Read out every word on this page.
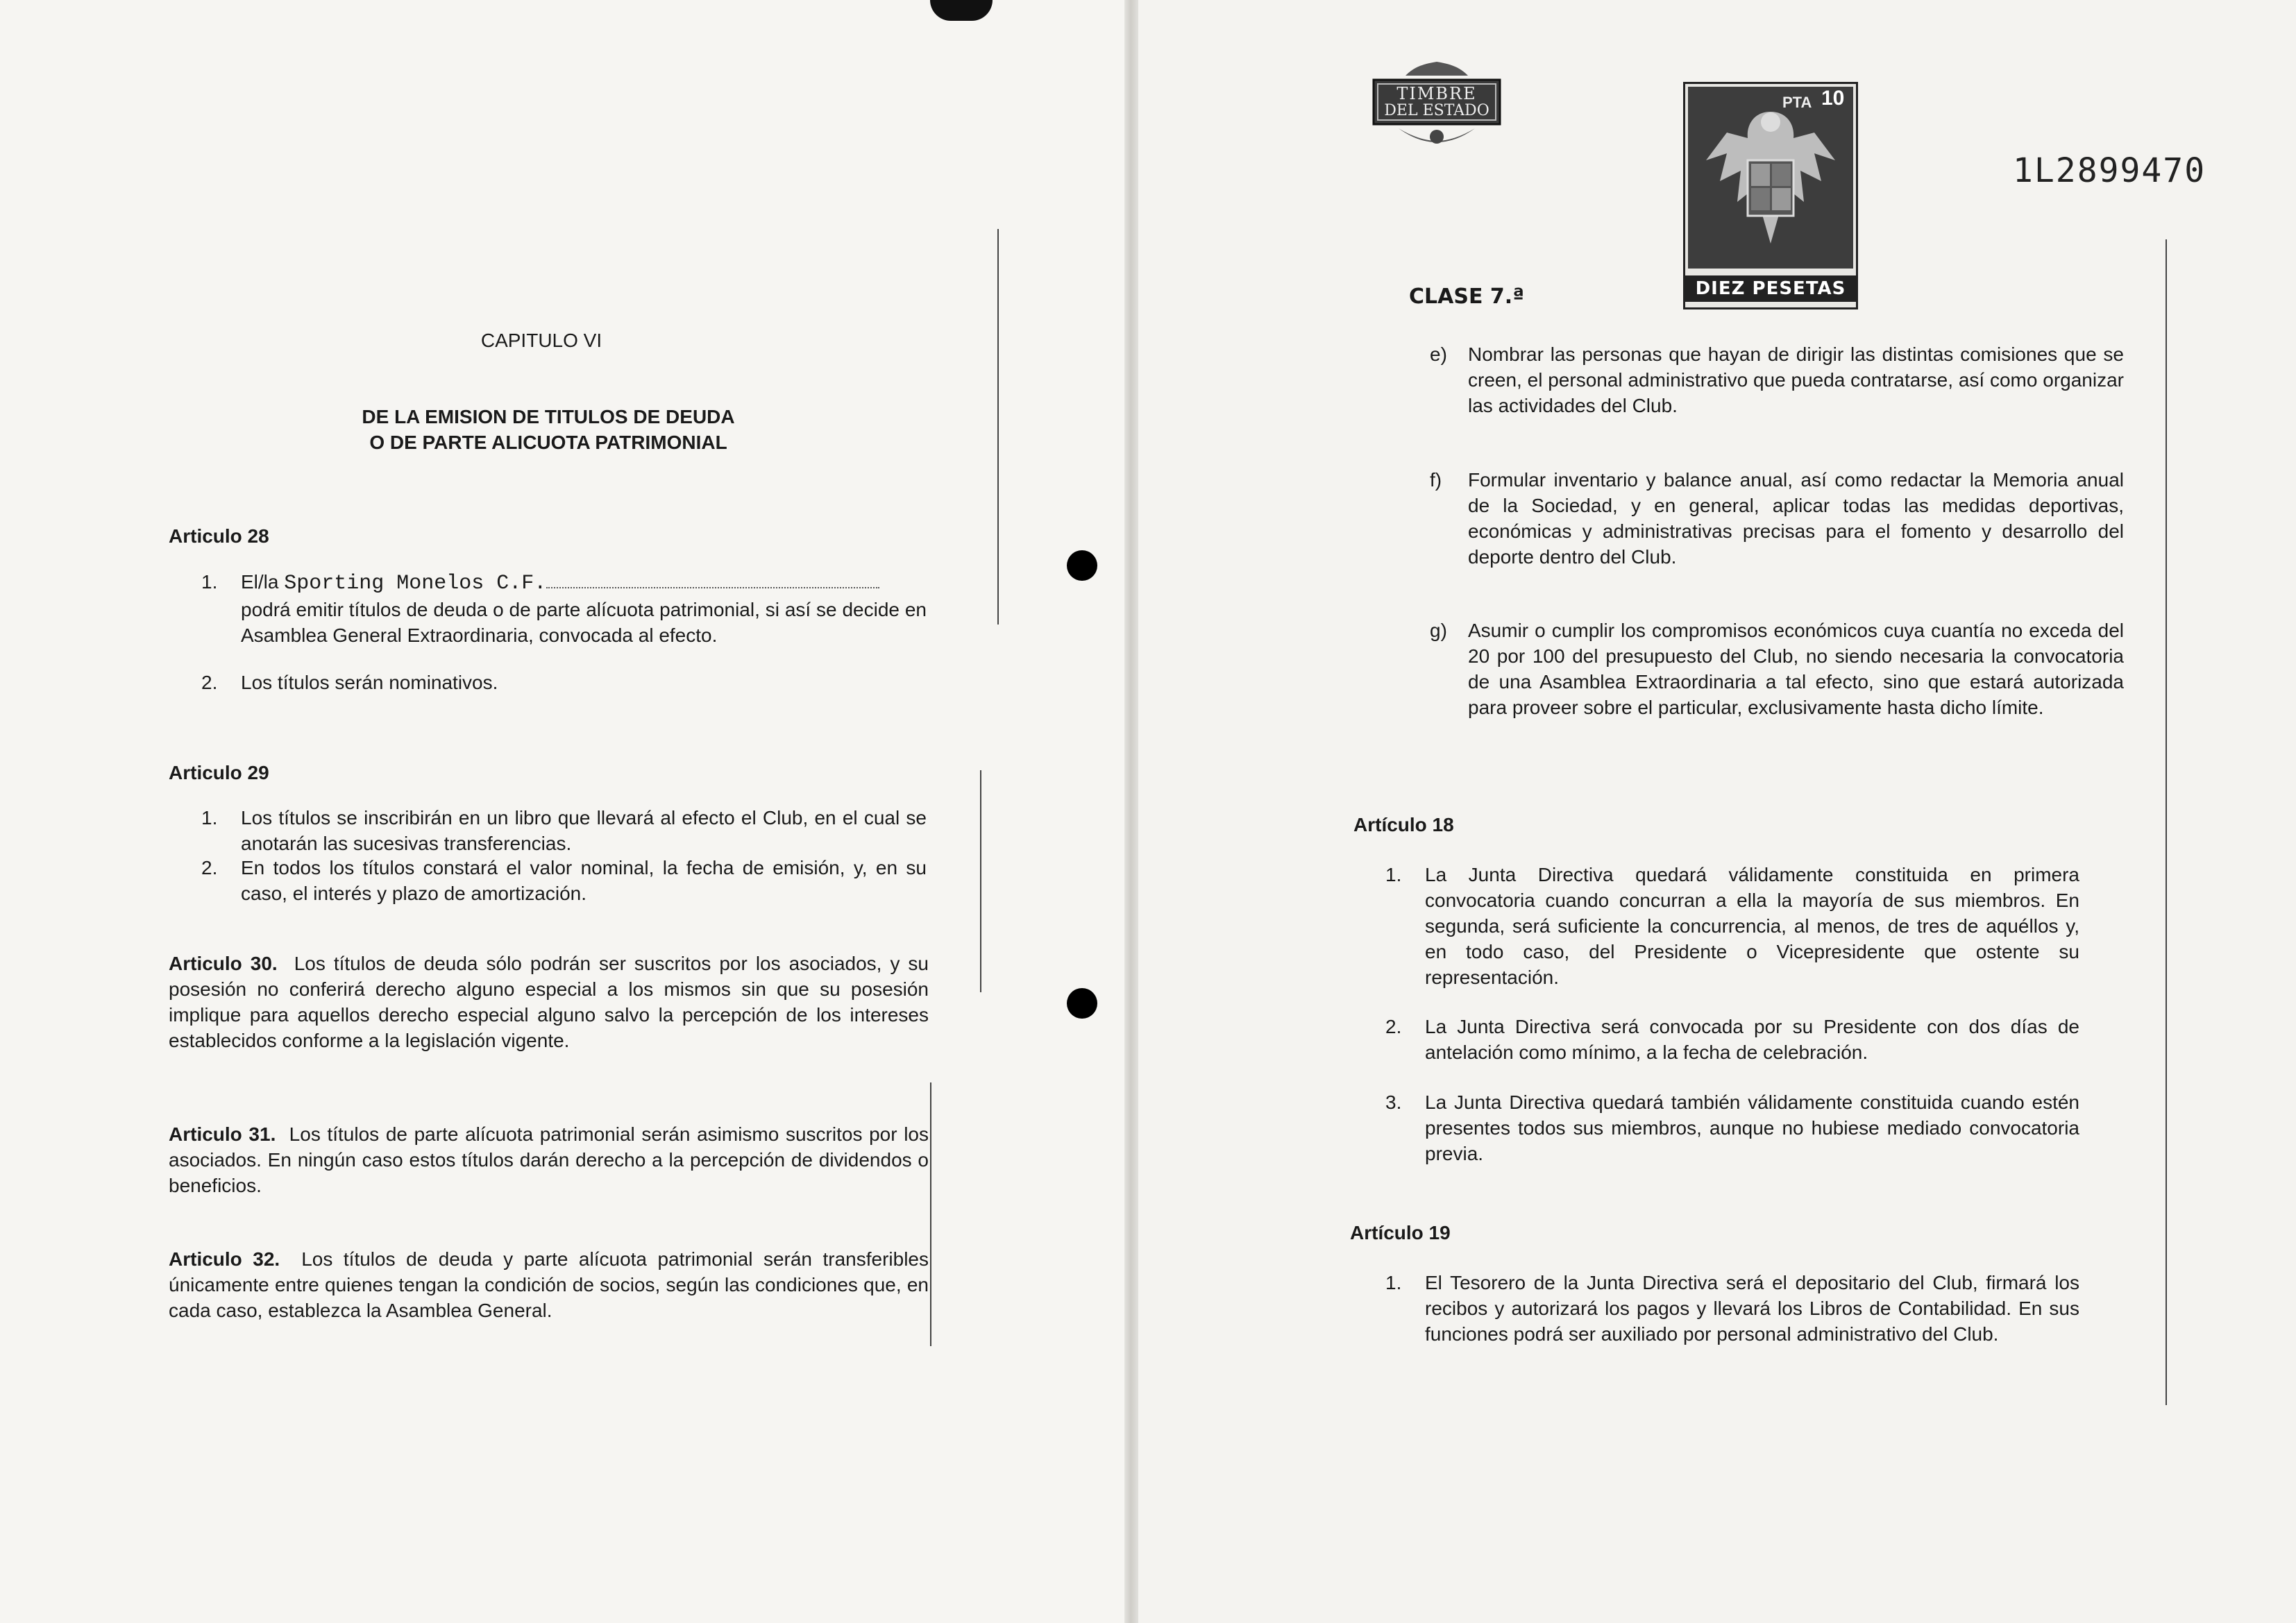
CAPITULO VI
DE LA EMISION DE TITULOS DE DEUDA
O DE PARTE ALICUOTA PATRIMONIAL
Articulo 28
1. El/la Sporting Monelos C.F.
podrá emitir títulos de deuda o de parte alícuota patrimonial, si así se decide en Asamblea General Extraordinaria, convocada al efecto.
2. Los títulos serán nominativos.
Articulo 29
1. Los títulos se inscribirán en un libro que llevará al efecto el Club, en el cual se anotarán las sucesivas transferencias.
2. En todos los títulos constará el valor nominal, la fecha de emisión, y, en su caso, el interés y plazo de amortización.
Articulo 30. Los títulos de deuda sólo podrán ser suscritos por los asociados, y su posesión no conferirá derecho alguno especial a los mismos sin que su posesión implique para aquellos derecho especial alguno salvo la percepción de los intereses establecidos conforme a la legislación vigente.
Articulo 31. Los títulos de parte alícuota patrimonial serán asimismo suscritos por los asociados. En ningún caso estos títulos darán derecho a la percepción de dividendos o beneficios.
Articulo 32. Los títulos de deuda y parte alícuota patrimonial serán transferibles únicamente entre quienes tengan la condición de socios, según las condiciones que, en cada caso, establezca la Asamblea General.
TIMBRE
DEL ESTADO	PTA 10
DIEZ PESETAS
1L2899470
CLASE 7.ª
e) Nombrar las personas que hayan de dirigir las distintas comisiones que se creen, el personal administrativo que pueda contratarse, así como organizar las actividades del Club.
f) Formular inventario y balance anual, así como redactar la Memoria anual de la Sociedad, y en general, aplicar todas las medidas deportivas, económicas y administrativas precisas para el fomento y desarrollo del deporte dentro del Club.
g) Asumir o cumplir los compromisos económicos cuya cuantía no exceda del 20 por 100 del presupuesto del Club, no siendo necesaria la convocatoria de una Asamblea Extraordinaria a tal efecto, sino que estará autorizada para proveer sobre el particular, exclusivamente hasta dicho límite.
Artículo 18
1. La Junta Directiva quedará válidamente constituida en primera convocatoria cuando concurran a ella la mayoría de sus miembros. En segunda, será suficiente la concurrencia, al menos, de tres de aquéllos y, en todo caso, del Presidente o Vicepresidente que ostente su representación.
2. La Junta Directiva será convocada por su Presidente con dos días de antelación como mínimo, a la fecha de celebración.
3. La Junta Directiva quedará también válidamente constituida cuando estén presentes todos sus miembros, aunque no hubiese mediado convocatoria previa.
Artículo 19
1. El Tesorero de la Junta Directiva será el depositario del Club, firmará los recibos y autorizará los pagos y llevará los Libros de Contabilidad. En sus funciones podrá ser auxiliado por personal administrativo del Club.
